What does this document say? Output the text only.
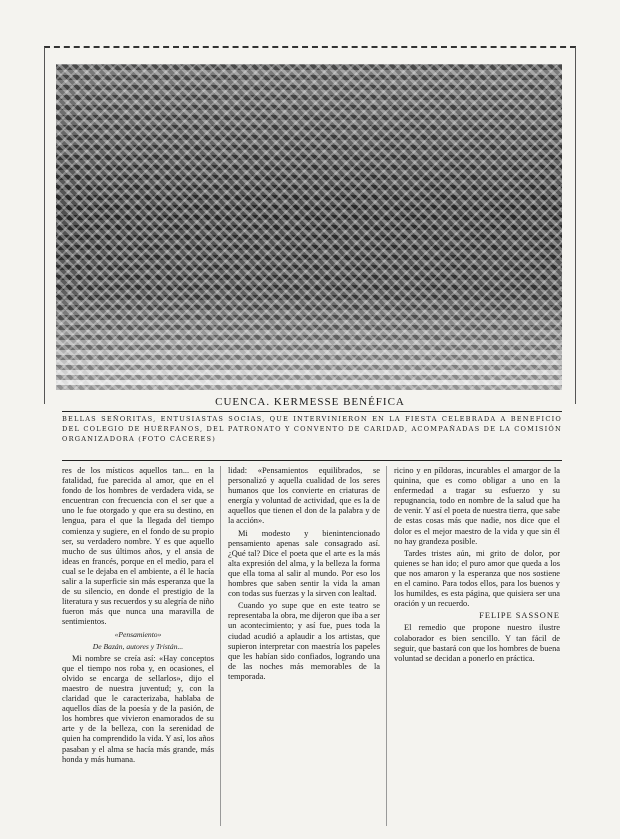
CUENCA. KERMESSE BENÉFICA
BELLAS SEÑORITAS, ENTUSIASTAS SOCIAS, QUE INTERVINIERON EN LA FIESTA CELEBRADA A BENEFICIO DEL COLEGIO DE HUÉRFANOS, DEL PATRONATO Y CONVENTO DE CARIDAD, ACOMPAÑADAS DE LA COMISIÓN ORGANIZADORA (FOTO CÁCERES)

res de los místicos aquellos tan... en la fatalidad, fue parecida al amor, que en el fondo de los hombres de verdadera vida, se encuentran con frecuencia con el ser que a uno le fue otorgado y que era su destino, en lengua, para el que la llegada del tiempo comienza y sugiere, en el fondo de su propio ser, su verdadero nombre. Y es que aquello mucho de sus últimos años, y el ansia de ideas en francés, porque en el medio, para el cual se le dejaba en el ambiente, a él le hacía salir a la superficie sin más esperanza que la de su silencio, en donde el prestigio de la literatura y sus recuerdos y su alegría de niño fueron más que nunca una maravilla de sentimientos.

«Pensamiento»

De Bazán, autores y Tristán...

Mi nombre se creía así: «Hay conceptos que el tiempo nos roba y, en ocasiones, el olvido se encarga de sellarlos», dijo el maestro de nuestra juventud; y, con la claridad que le caracterizaba, hablaba de aquellos días de la poesía y de la pasión, de los hombres que vivieron enamorados de su arte y de la belleza, con la serenidad de quien ha comprendido la vida. Y así, los años pasaban y el alma se hacía más grande, más honda y más humana.

lidad: «Pensamientos equilibrados, se personalizó y aquella cualidad de los seres humanos que los convierte en criaturas de energía y voluntad de actividad, que es la de aquellos que tienen el don de la palabra y de la acción».

Mi modesto y bienintencionado pensamiento apenas sale consagrado así. ¿Qué tal? Dice el poeta que el arte es la más alta expresión del alma, y la belleza la forma que ella toma al salir al mundo. Por eso los hombres que saben sentir la vida la aman con todas sus fuerzas y la sirven con lealtad.

Cuando yo supe que en este teatro se representaba la obra, me dijeron que iba a ser un acontecimiento; y así fue, pues toda la ciudad acudió a aplaudir a los artistas, que supieron interpretar con maestría los papeles que les habían sido confiados, logrando una de las noches más memorables de la temporada.

ricino y en píldoras, incurables el amargor de la quinina, que es como obligar a uno en la enfermedad a tragar su esfuerzo y su repugnancia, todo en nombre de la salud que ha de venir. Y así el poeta de nuestra tierra, que sabe de estas cosas más que nadie, nos dice que el dolor es el mejor maestro de la vida y que sin él no hay grandeza posible.

Tardes tristes aún, mi grito de dolor, por quienes se han ido; el puro amor que queda a los que nos amaron y la esperanza que nos sostiene en el camino. Para todos ellos, para los buenos y los humildes, es esta página, que quisiera ser una oración y un recuerdo.

FELIPE SASSONE

El remedio que propone nuestro ilustre colaborador es bien sencillo. Y tan fácil de seguir, que bastará con que los hombres de buena voluntad se decidan a ponerlo en práctica.
